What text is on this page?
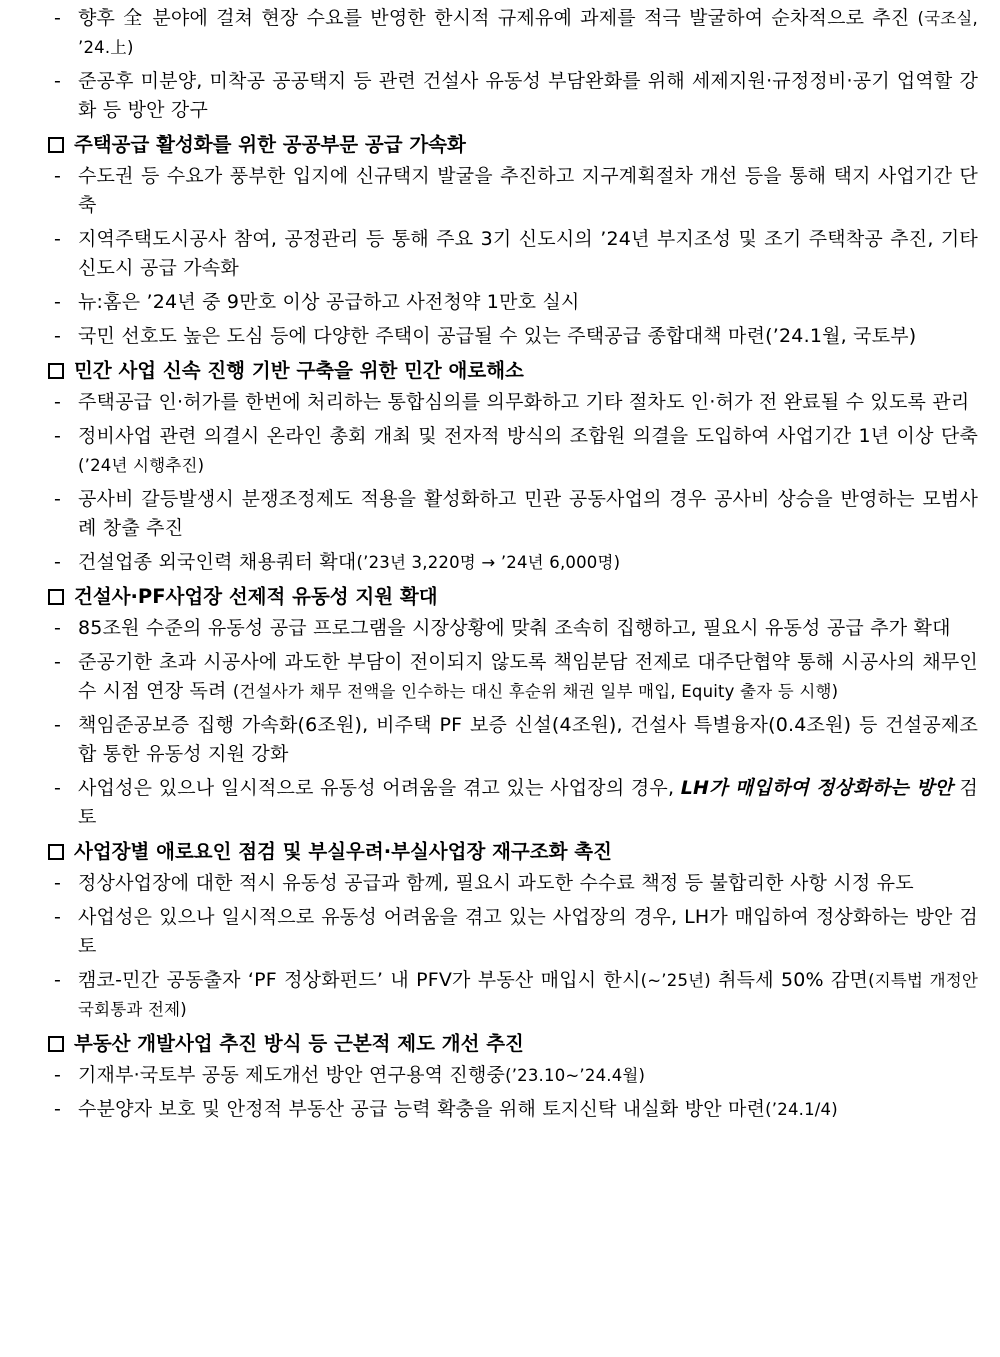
- 향후 全 분야에 걸쳐 현장 수요를 반영한 한시적 규제유예 과제를 적극 발굴하여 순차적으로 추진 (국조실, ’24.上)
- 준공후 미분양, 미착공 공공택지 등 관련 건설사 유동성 부담완화를 위해 세제지원·규정정비·공기 업역할 강화 등 방안 강구
주택공급 활성화를 위한 공공부문 공급 가속화
- 수도권 등 수요가 풍부한 입지에 신규택지 발굴을 추진하고 지구계획절차 개선 등을 통해 택지 사업기간 단축
- 지역주택도시공사 참여, 공정관리 등 통해 주요 3기 신도시의 ’24년 부지조성 및 조기 주택착공 추진, 기타 신도시 공급 가속화
- 뉴:홈은 ’24년 중 9만호 이상 공급하고 사전청약 1만호 실시
- 국민 선호도 높은 도심 등에 다양한 주택이 공급될 수 있는 주택공급 종합대책 마련(’24.1월, 국토부)
민간 사업 신속 진행 기반 구축을 위한 민간 애로해소
- 주택공급 인·허가를 한번에 처리하는 통합심의를 의무화하고 기타 절차도 인·허가 전 완료될 수 있도록 관리
- 정비사업 관련 의결시 온라인 총회 개최 및 전자적 방식의 조합원 의결을 도입하여 사업기간 1년 이상 단축(’24년 시행추진)
- 공사비 갈등발생시 분쟁조정제도 적용을 활성화하고 민관 공동사업의 경우 공사비 상승을 반영하는 모범사례 창출 추진
- 건설업종 외국인력 채용쿼터 확대(’23년 3,220명 → ’24년 6,000명)
건설사·PF사업장 선제적 유동성 지원 확대
- 85조원 수준의 유동성 공급 프로그램을 시장상황에 맞춰 조속히 집행하고, 필요시 유동성 공급 추가 확대
- 준공기한 초과 시공사에 과도한 부담이 전이되지 않도록 책임분담 전제로 대주단협약 통해 시공사의 채무인수 시점 연장 독려 (건설사가 채무 전액을 인수하는 대신 후순위 채권 일부 매입, Equity 출자 등 시행)
- 책임준공보증 집행 가속화(6조원), 비주택 PF 보증 신설(4조원), 건설사 특별융자(0.4조원) 등 건설공제조합 통한 유동성 지원 강화
- 사업성은 있으나 일시적으로 유동성 어려움을 겪고 있는 사업장의 경우, LH가 매입하여 정상화하는 방안 검토
사업장별 애로요인 점검 및 부실우려·부실사업장 재구조화 촉진
- 정상사업장에 대한 적시 유동성 공급과 함께, 필요시 과도한 수수료 책정 등 불합리한 사항 시정 유도
- 사업성은 있으나 일시적으로 유동성 어려움을 겪고 있는 사업장의 경우, LH가 매입하여 정상화하는 방안 검토
- 캠코-민간 공동출자 ‘PF 정상화펀드’ 내 PFV가 부동산 매입시 한시(~’25년) 취득세 50% 감면(지특법 개정안 국회통과 전제)
부동산 개발사업 추진 방식 등 근본적 제도 개선 추진
- 기재부·국토부 공동 제도개선 방안 연구용역 진행중(’23.10~’24.4월)
- 수분양자 보호 및 안정적 부동산 공급 능력 확충을 위해 토지신탁 내실화 방안 마련(’24.1/4)
